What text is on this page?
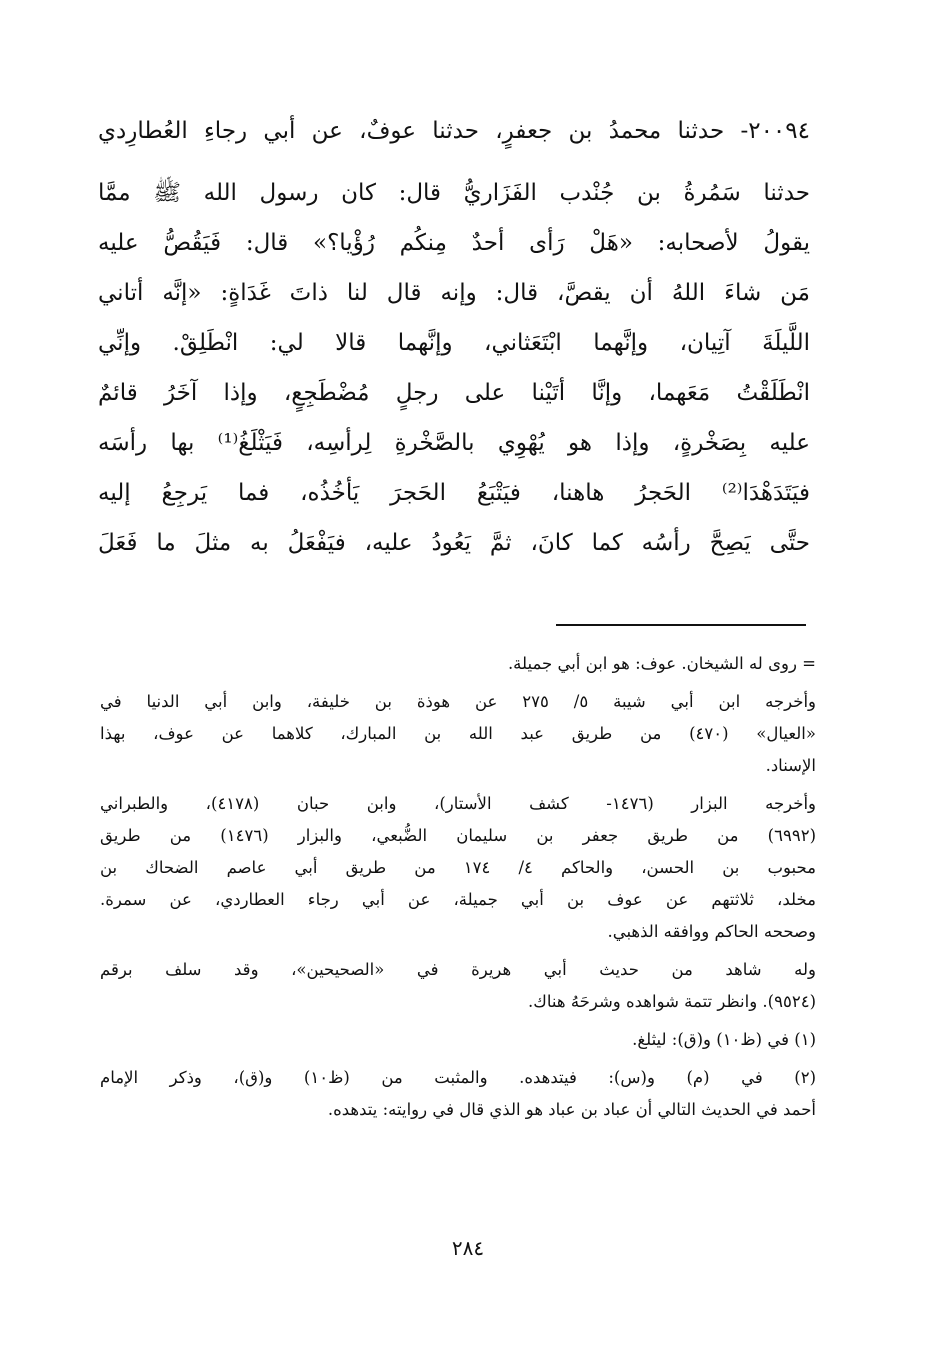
٢٠٠٩٤- حدثنا محمدُ بن جعفرٍ، حدثنا عوفٌ، عن أبي رجاءِ العُطارِدي
حدثنا سَمُرةُ بن جُنْدب الفَزَاريُّ قال: كان رسول الله ﷺ ممَّا
يقولُ لأصحابه: «هَلْ رَأى أحدٌ مِنكُم رُؤْيا؟» قال: فَيَقُصُّ عليه
مَن شاءَ اللهُ أن يقصَّ، قال: وإنه قال لنا ذاتَ غَدَاةٍ: «إنَّه أتاني
اللَّيلَةَ آتِيان، وإنَّهما ابْتَعَثاني، وإنَّهما قالا لي: انْطَلِقْ. وإنِّي
انْطَلَقْتُ مَعَهما، وإنَّا أتَيْنا على رجلٍ مُضْطَجِعٍ، وإذا آخَرُ قائمٌ
عليه بِصَخْرةٍ، وإذا هو يُهْوِي بالصَّخْرةِ لِرأسِه، فَيَثْلَغُ⁽¹⁾ بها رأسَه
فيَتَدَهْدَا⁽²⁾ الحَجرُ هاهنا، فيَتْبَعُ الحَجرَ يَأخُذُه، فما يَرجِعُ إليه
حتَّى يَصِحَّ رأسُه كما كانَ، ثمَّ يَعُودُ عليه، فيَفْعَلُ به مثلَ ما فَعَلَ
= روى له الشيخان. عوف: هو ابن أبي جميلة.
وأخرجه ابن أبي شيبة ٥/ ٢٧٥ عن هوذة بن خليفة، وابن أبي الدنيا في
«العيال» (٤٧٠) من طريق عبد الله بن المبارك، كلاهما عن عوف، بهذا
الإسناد.
وأخرجه البزار (١٤٧٦- كشف الأستار)، وابن حبان (٤١٧٨)، والطبراني
(٦٩٩٢) من طريق جعفر بن سليمان الضُّبعي، والبزار (١٤٧٦) من طريق
محبوب بن الحسن، والحاكم ٤/ ١٧٤ من طريق أبي عاصم الضحاك بن
مخلد، ثلاثتهم عن عوف بن أبي جميلة، عن أبي رجاء العطاردي، عن سمرة.
وصححه الحاكم ووافقه الذهبي.
وله شاهد من حديث أبي هريرة في «الصحيحين»، وقد سلف برقم
(٩٥٢٤). وانظر تتمة شواهده وشرحَهُ هناك.
(١) في (ظ١٠) و(ق): ليثلغ.
(٢) في (م) و(س): فيتدهده. والمثبت من (ظ١٠) و(ق)، وذكر الإمام
أحمد في الحديث التالي أن عباد بن عباد هو الذي قال في روايته: يتدهده.
٢٨٤
